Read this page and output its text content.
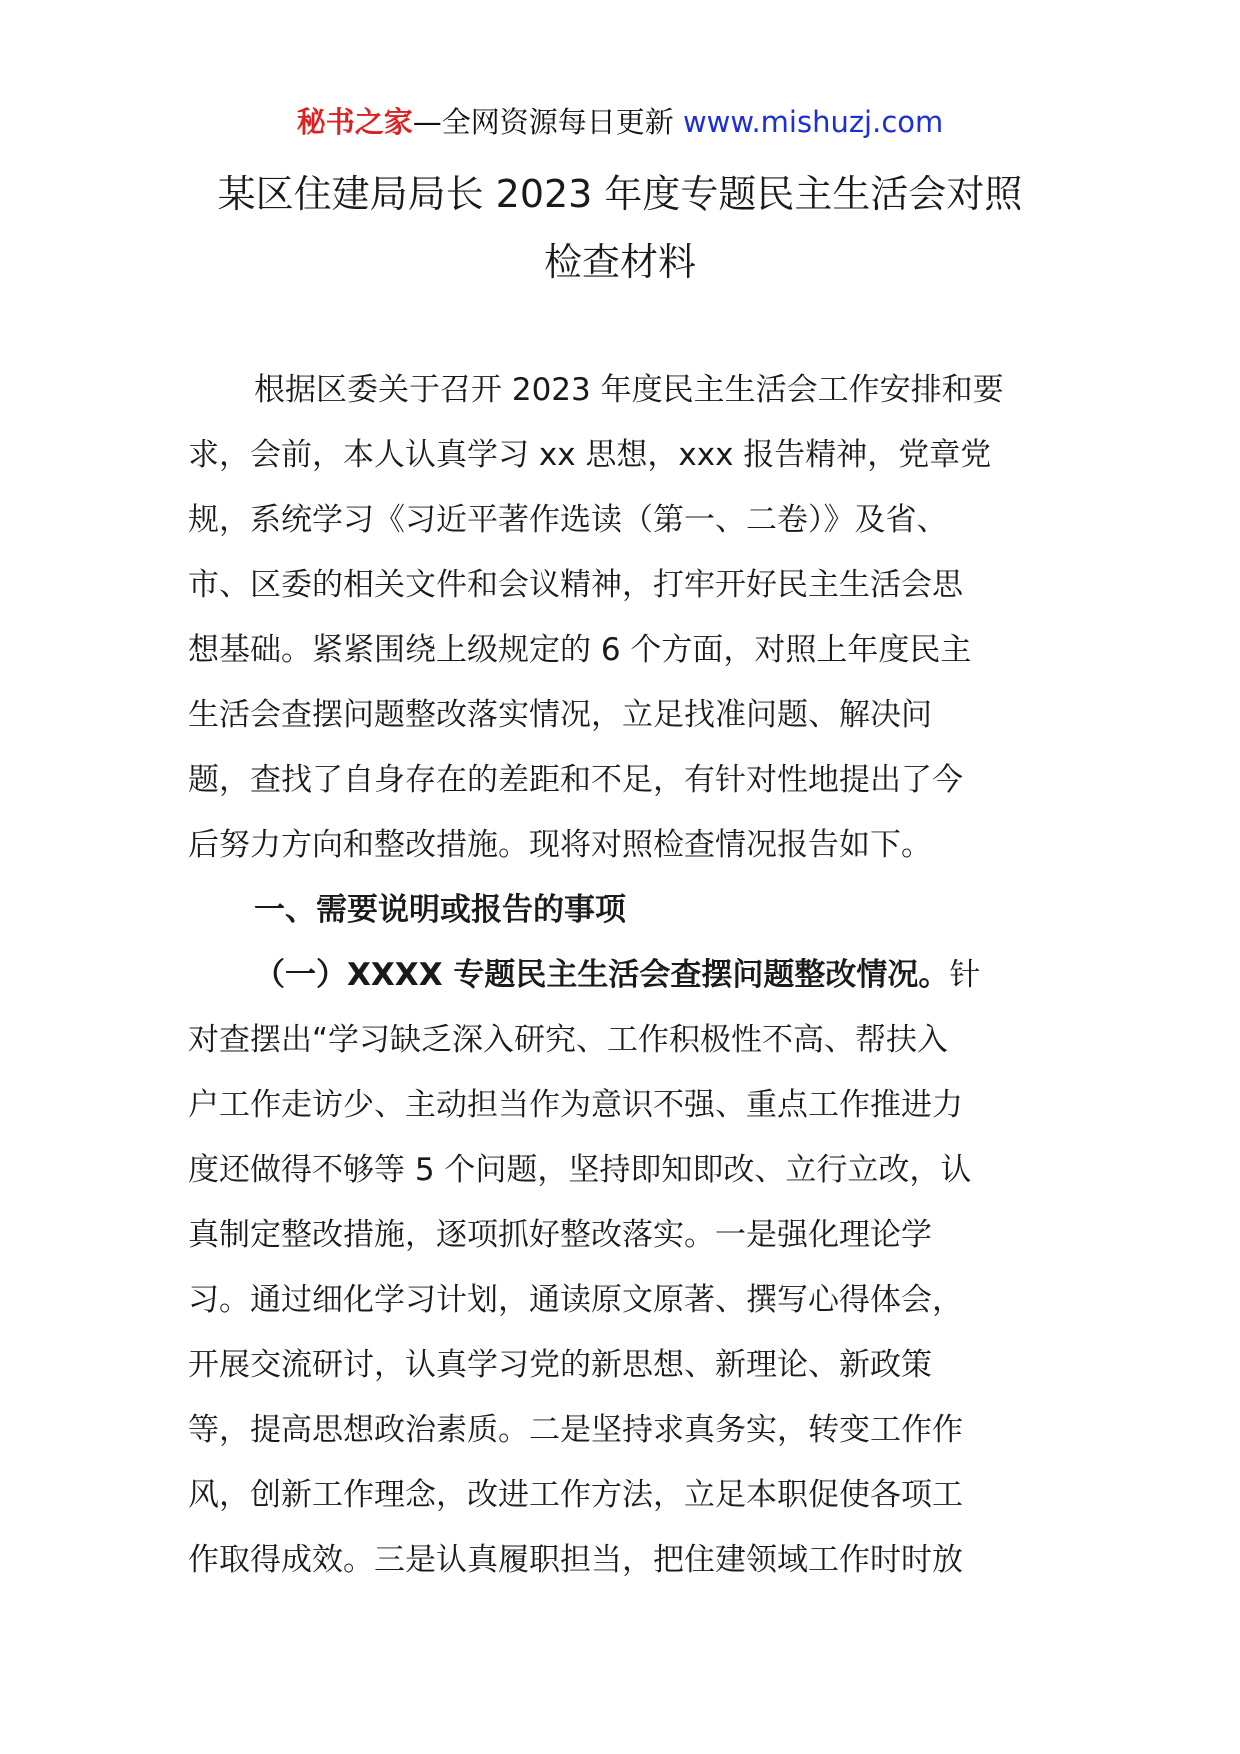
秘书之家—全网资源每日更新 www.mishuzj.com
某区住建局局长 2023 年度专题民主生活会对照
检查材料
根据区委关于召开 2023 年度民主生活会工作安排和要
求，会前，本人认真学习 xx 思想，xxx 报告精神，党章党
规，系统学习《习近平著作选读（第一、二卷）》及省、
市、区委的相关文件和会议精神，打牢开好民主生活会思
想基础。紧紧围绕上级规定的 6 个方面，对照上年度民主
生活会查摆问题整改落实情况，立足找准问题、解决问
题，查找了自身存在的差距和不足，有针对性地提出了今
后努力方向和整改措施。现将对照检查情况报告如下。
一、需要说明或报告的事项
（一）XXXX 专题民主生活会查摆问题整改情况。针
对查摆出“学习缺乏深入研究、工作积极性不高、帮扶入
户工作走访少、主动担当作为意识不强、重点工作推进力
度还做得不够等 5 个问题，坚持即知即改、立行立改，认
真制定整改措施，逐项抓好整改落实。一是强化理论学
习。通过细化学习计划，通读原文原著、撰写心得体会，
开展交流研讨，认真学习党的新思想、新理论、新政策
等，提高思想政治素质。二是坚持求真务实，转变工作作
风，创新工作理念，改进工作方法，立足本职促使各项工
作取得成效。三是认真履职担当，把住建领域工作时时放
